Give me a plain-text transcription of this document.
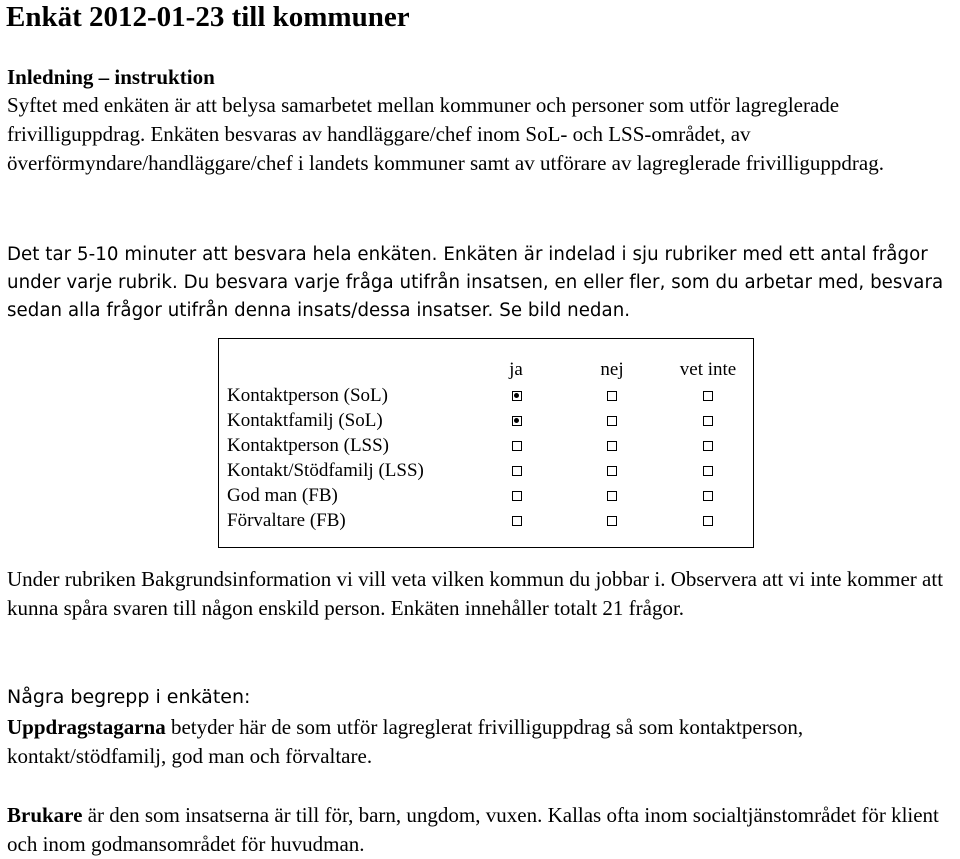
Enkät 2012-01-23 till kommuner
Inledning – instruktion

Syftet med enkäten är att belysa samarbetet mellan kommuner och personer som utför lagreglerade frivilliguppdrag. Enkäten besvaras av handläggare/chef inom SoL- och LSS-området, av överförmyndare/handläggare/chef i landets kommuner samt av utförare av lagreglerade frivilliguppdrag.

Det tar 5-10 minuter att besvara hela enkäten. Enkäten är indelad i sju rubriker med ett antal frågor under varje rubrik. Du besvara varje fråga utifrån insatsen, en eller fler, som du arbetar med, besvara sedan alla frågor utifrån denna insats/dessa insatser. Se bild nedan.

ja	nej	vet inte
Kontaktperson (SoL)
Kontaktfamilj (SoL)
Kontaktperson (LSS)
Kontakt/Stödfamilj (LSS)
God man (FB)
Förvaltare (FB)

Under rubriken Bakgrundsinformation vi vill veta vilken kommun du jobbar i. Observera att vi inte kommer att kunna spåra svaren till någon enskild person. Enkäten innehåller totalt 21 frågor.

Några begrepp i enkäten:

Uppdragstagarna betyder här de som utför lagreglerat frivilliguppdrag så som kontaktperson, kontakt/stödfamilj, god man och förvaltare.

Brukare är den som insatserna är till för, barn, ungdom, vuxen. Kallas ofta inom socialtjänstområdet för klient och inom godmansområdet för huvudman.
